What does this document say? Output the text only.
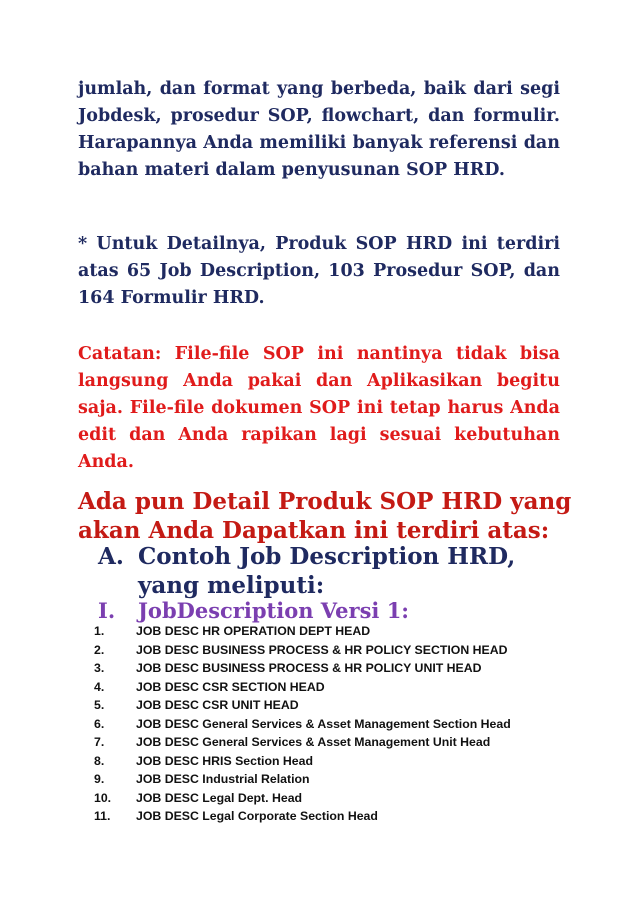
jumlah, dan format yang berbeda, baik dari segi Jobdesk, prosedur SOP, flowchart, dan formulir. Harapannya Anda memiliki banyak referensi dan bahan materi dalam penyusunan SOP HRD.

* Untuk Detailnya, Produk SOP HRD ini terdiri atas 65 Job Description, 103 Prosedur SOP, dan 164 Formulir HRD.

Catatan: File-file SOP ini nantinya tidak bisa langsung Anda pakai dan Aplikasikan begitu saja. File-file dokumen SOP ini tetap harus Anda edit dan Anda rapikan lagi sesuai kebutuhan Anda.

Ada pun Detail Produk SOP HRD yang akan Anda Dapatkan ini terdiri atas:
A. Contoh Job Description HRD, yang meliputi:
I.	JobDescription Versi 1:
1.	JOB DESC HR OPERATION DEPT HEAD
2.	JOB DESC BUSINESS PROCESS & HR POLICY SECTION HEAD
3.	JOB DESC BUSINESS PROCESS & HR POLICY UNIT HEAD
4.	JOB DESC CSR SECTION HEAD
5.	JOB DESC CSR UNIT HEAD
6.	JOB DESC General Services & Asset Management Section Head
7.	JOB DESC General Services & Asset Management Unit Head
8.	JOB DESC HRIS Section Head
9.	JOB DESC Industrial Relation
10.	JOB DESC Legal Dept. Head
11.	JOB DESC Legal Corporate Section Head
